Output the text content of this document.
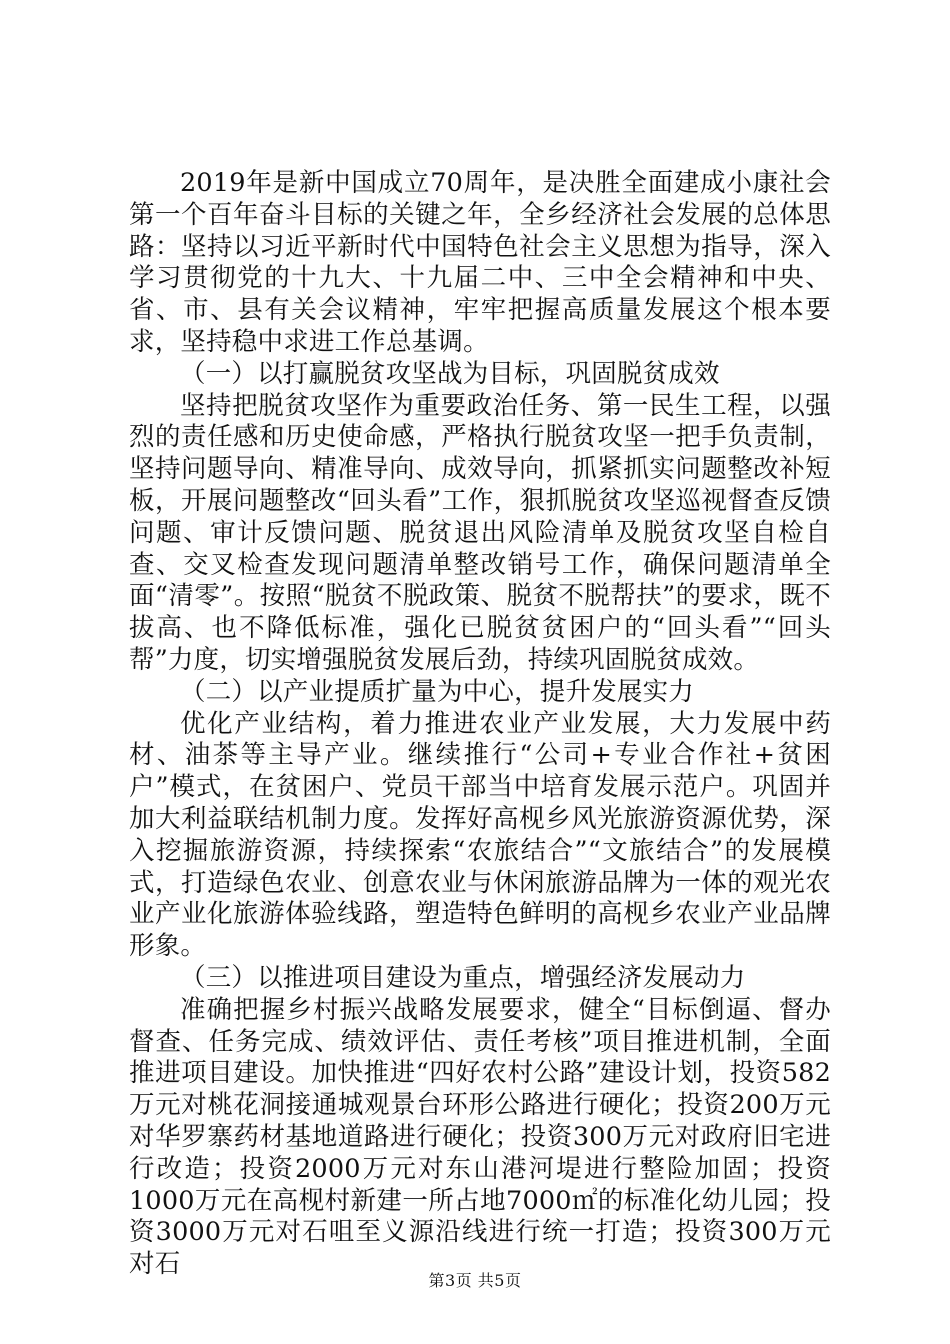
2019年是新中国成立70周年，是决胜全面建成小康社会第一个百年奋斗目标的关键之年，全乡经济社会发展的总体思路：坚持以习近平新时代中国特色社会主义思想为指导，深入学习贯彻党的十九大、十九届二中、三中全会精神和中央、省、市、县有关会议精神，牢牢把握高质量发展这个根本要求，坚持稳中求进工作总基调。

（一）以打赢脱贫攻坚战为目标，巩固脱贫成效

坚持把脱贫攻坚作为重要政治任务、第一民生工程，以强烈的责任感和历史使命感，严格执行脱贫攻坚一把手负责制，坚持问题导向、精准导向、成效导向，抓紧抓实问题整改补短板，开展问题整改“回头看”工作，狠抓脱贫攻坚巡视督查反馈问题、审计反馈问题、脱贫退出风险清单及脱贫攻坚自检自查、交叉检查发现问题清单整改销号工作，确保问题清单全面“清零”。按照“脱贫不脱政策、脱贫不脱帮扶”的要求，既不拔高、也不降低标准，强化已脱贫贫困户的“回头看”“回头帮”力度，切实增强脱贫发展后劲，持续巩固脱贫成效。

（二）以产业提质扩量为中心，提升发展实力

优化产业结构，着力推进农业产业发展，大力发展中药材、油茶等主导产业。继续推行“公司+专业合作社+贫困户”模式，在贫困户、党员干部当中培育发展示范户。巩固并加大利益联结机制力度。发挥好高枧乡风光旅游资源优势，深入挖掘旅游资源，持续探索“农旅结合”“文旅结合”的发展模式，打造绿色农业、创意农业与休闲旅游品牌为一体的观光农业产业化旅游体验线路，塑造特色鲜明的高枧乡农业产业品牌形象。

（三）以推进项目建设为重点，增强经济发展动力

准确把握乡村振兴战略发展要求，健全“目标倒逼、督办督查、任务完成、绩效评估、责任考核”项目推进机制，全面推进项目建设。加快推进“四好农村公路”建设计划，投资582万元对桃花洞接通城观景台环形公路进行硬化；投资200万元对华罗寨药材基地道路进行硬化；投资300万元对政府旧宅进行改造；投资2000万元对东山港河堤进行整险加固；投资1000万元在高枧村新建一所占地7000㎡的标准化幼儿园；投资3000万元对石咀至义源沿线进行统一打造；投资300万元对石

第3页 共5页
